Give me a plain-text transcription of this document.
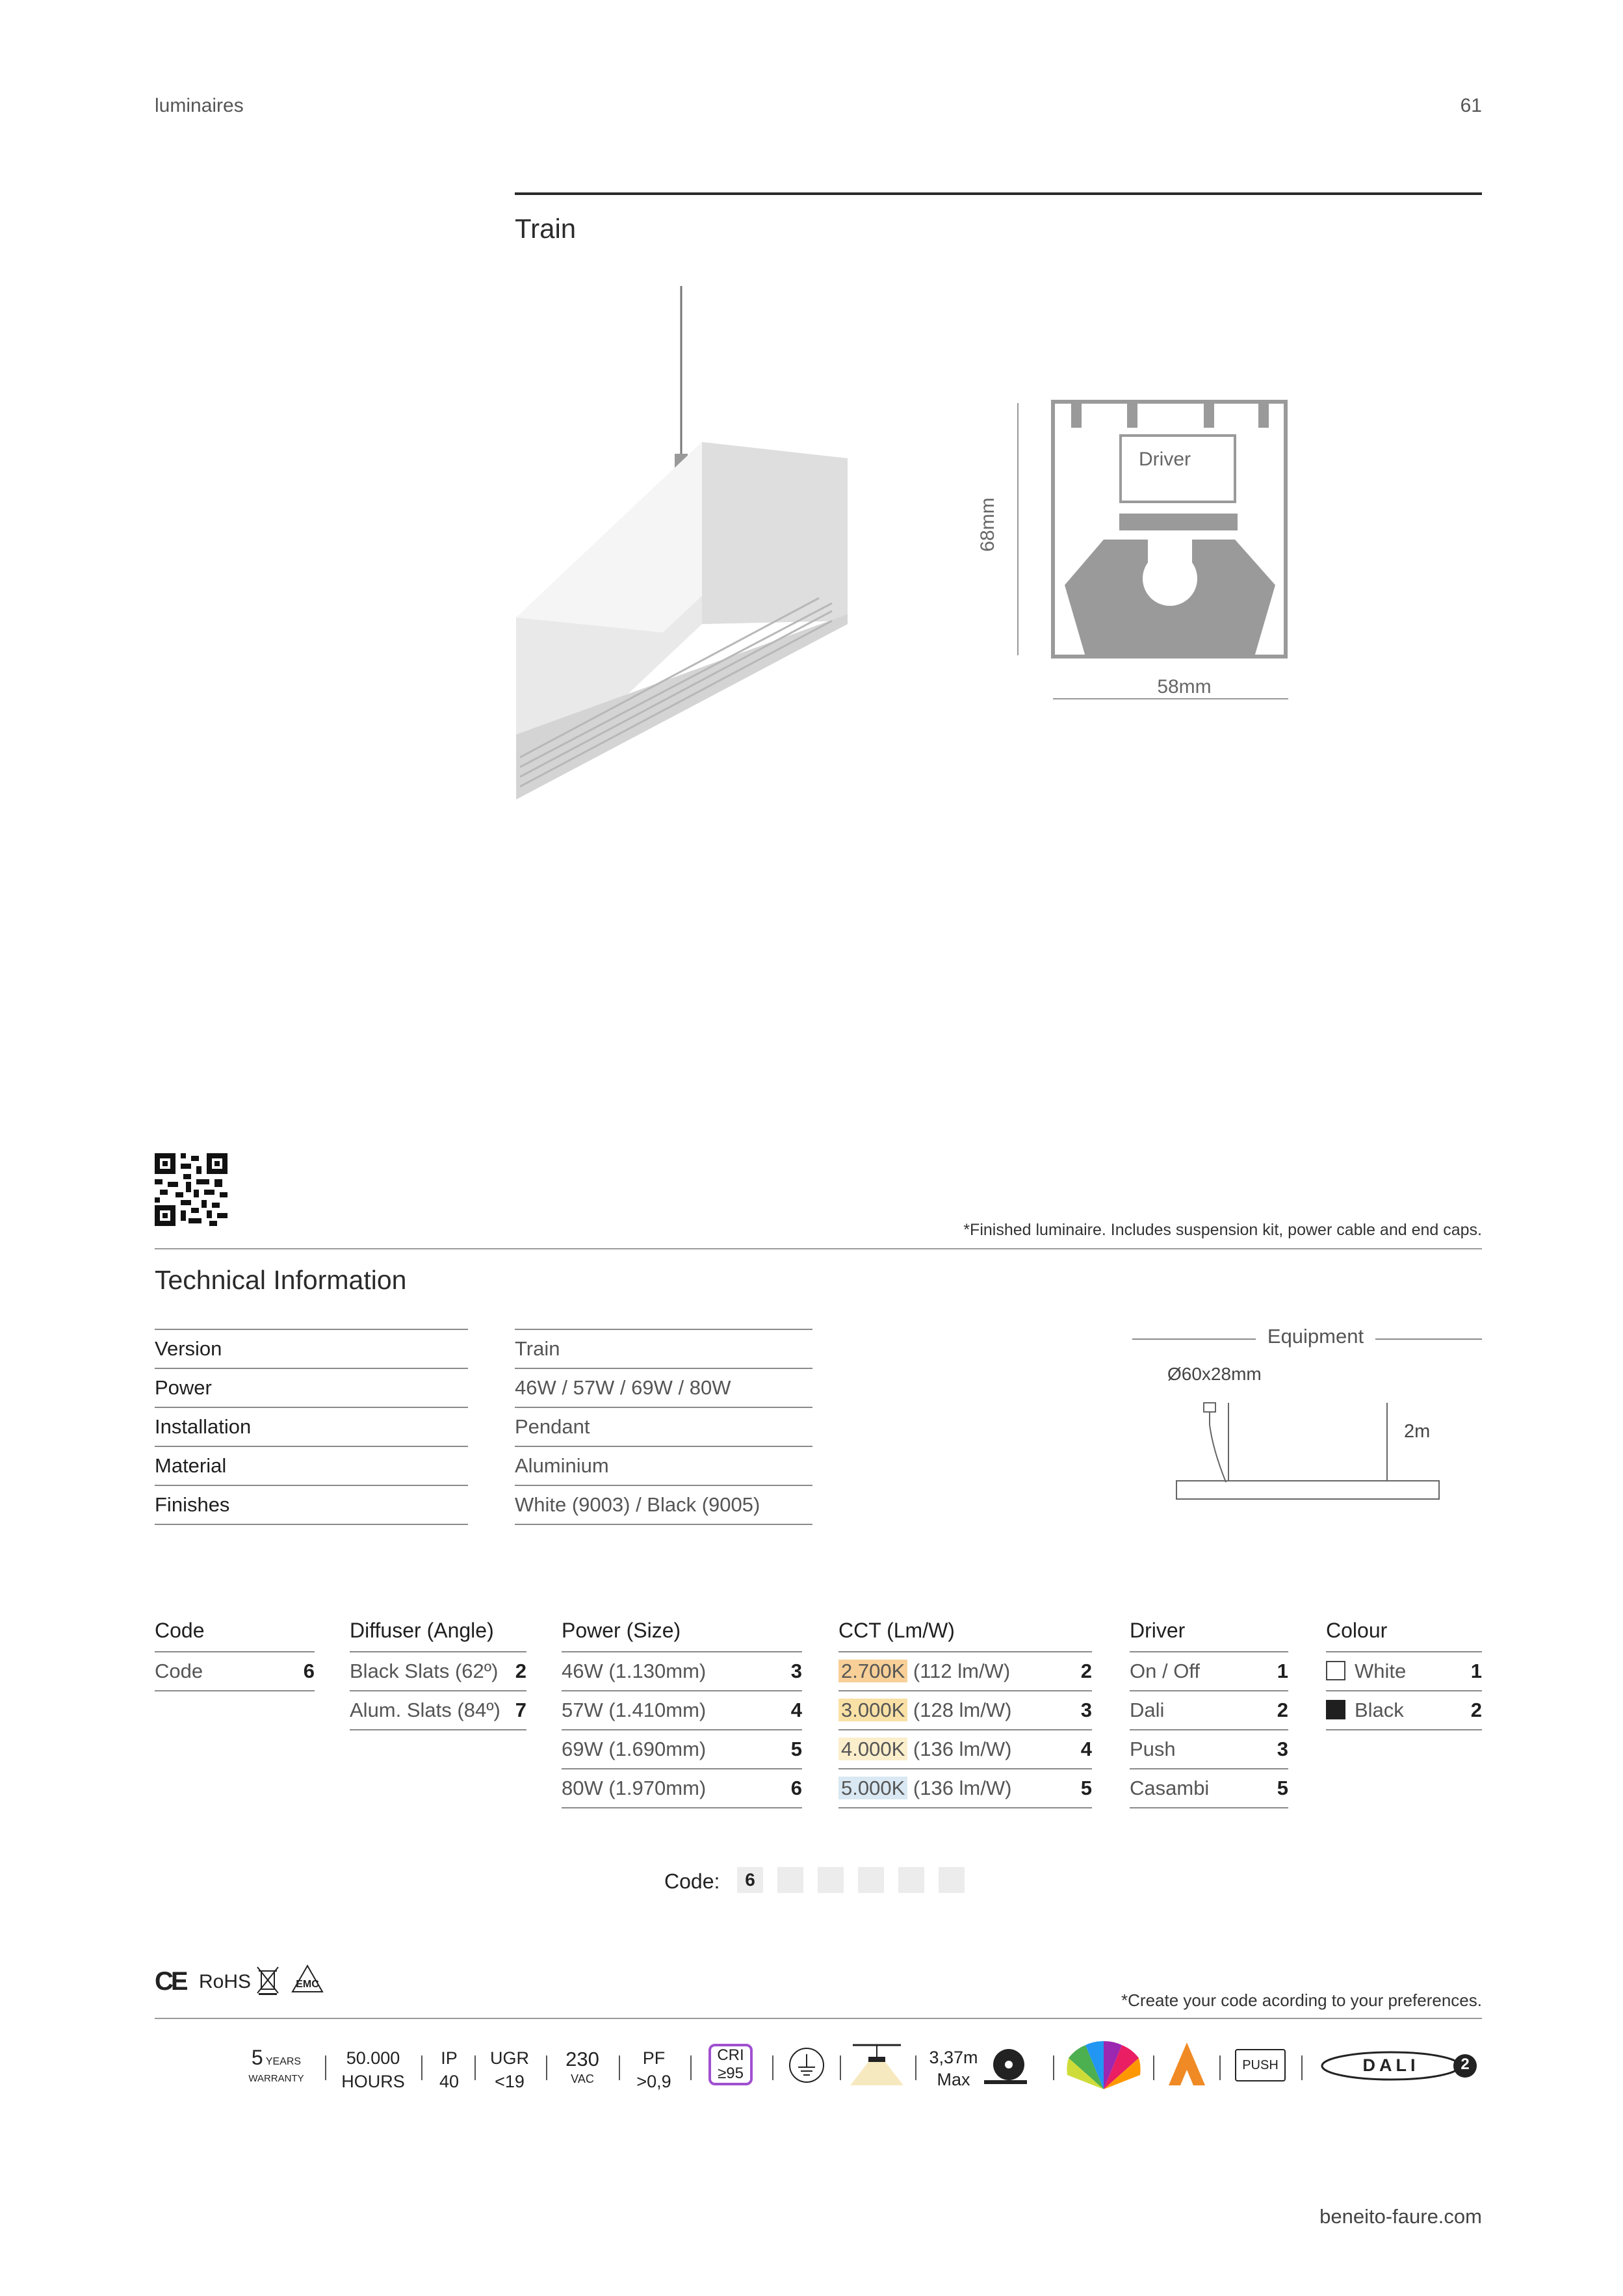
luminaires	61
Train
Driver
68mm
58mm
*Finished luminaire. Includes suspension kit, power cable and end caps.
Technical Information
Version	Train
Power	46W / 57W / 69W / 80W
Installation	Pendant
Material	Aluminium
Finishes	White (9003) / Black (9005)
Equipment
Ø60x28mm
2m
Code
Code	6
Diffuser (Angle)
Black Slats (62º) 2
Alum. Slats (84º) 7
Power (Size)
46W (1.130mm)	3
57W (1.410mm)	4
69W (1.690mm)	5
80W (1.970mm)	6
CCT (Lm/W)
2.700K (112 lm/W)	2
3.000K (128 lm/W)	3
4.000K (136 lm/W)	4
5.000K (136 lm/W)	5
Driver
On / Off	1
Dali	2
Push	3
Casambi	5
Colour
White	1
Black	2
Code:	6
CE RoHS	EMC
*Create your code acording to your preferences.
5 YEARS
WARRANTY
50.000
HOURS
IP
40
UGR
<19
230
VAC
PF
>0,9
CRI
≥95
3,37m
Max
PUSH	DALI	2
beneito-faure.com
